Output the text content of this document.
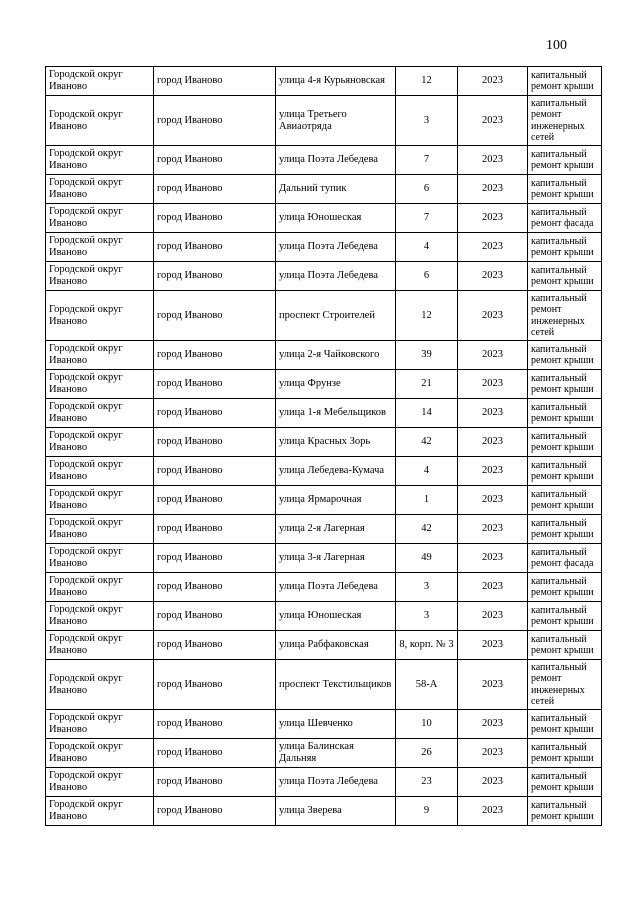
100
Городской округ Иваново	город Иваново	улица 4-я Курьяновская	12	2023	капитальный ремонт крыши
Городской округ Иваново	город Иваново	улица Третьего Авиаотряда	3	2023	капитальный ремонт инженерных сетей
Городской округ Иваново	город Иваново	улица Поэта Лебедева	7	2023	капитальный ремонт крыши
Городской округ Иваново	город Иваново	Дальний тупик	6	2023	капитальный ремонт крыши
Городской округ Иваново	город Иваново	улица Юношеская	7	2023	капитальный ремонт фасада
Городской округ Иваново	город Иваново	улица Поэта Лебедева	4	2023	капитальный ремонт крыши
Городской округ Иваново	город Иваново	улица Поэта Лебедева	6	2023	капитальный ремонт крыши
Городской округ Иваново	город Иваново	проспект Строителей	12	2023	капитальный ремонт инженерных сетей
Городской округ Иваново	город Иваново	улица 2-я Чайковского	39	2023	капитальный ремонт крыши
Городской округ Иваново	город Иваново	улица Фрунзе	21	2023	капитальный ремонт крыши
Городской округ Иваново	город Иваново	улица 1-я Мебельщиков	14	2023	капитальный ремонт крыши
Городской округ Иваново	город Иваново	улица Красных Зорь	42	2023	капитальный ремонт крыши
Городской округ Иваново	город Иваново	улица Лебедева-Кумача	4	2023	капитальный ремонт крыши
Городской округ Иваново	город Иваново	улица Ярмарочная	1	2023	капитальный ремонт крыши
Городской округ Иваново	город Иваново	улица 2-я Лагерная	42	2023	капитальный ремонт крыши
Городской округ Иваново	город Иваново	улица 3-я Лагерная	49	2023	капитальный ремонт фасада
Городской округ Иваново	город Иваново	улица Поэта Лебедева	3	2023	капитальный ремонт крыши
Городской округ Иваново	город Иваново	улица Юношеская	3	2023	капитальный ремонт крыши
Городской округ Иваново	город Иваново	улица Рабфаковская	8, корп. № 3	2023	капитальный ремонт крыши
Городской округ Иваново	город Иваново	проспект Текстильщиков	58-А	2023	капитальный ремонт инженерных сетей
Городской округ Иваново	город Иваново	улица Шевченко	10	2023	капитальный ремонт крыши
Городской округ Иваново	город Иваново	улица Балинская Дальняя	26	2023	капитальный ремонт крыши
Городской округ Иваново	город Иваново	улица Поэта Лебедева	23	2023	капитальный ремонт крыши
Городской округ Иваново	город Иваново	улица Зверева	9	2023	капитальный ремонт крыши
